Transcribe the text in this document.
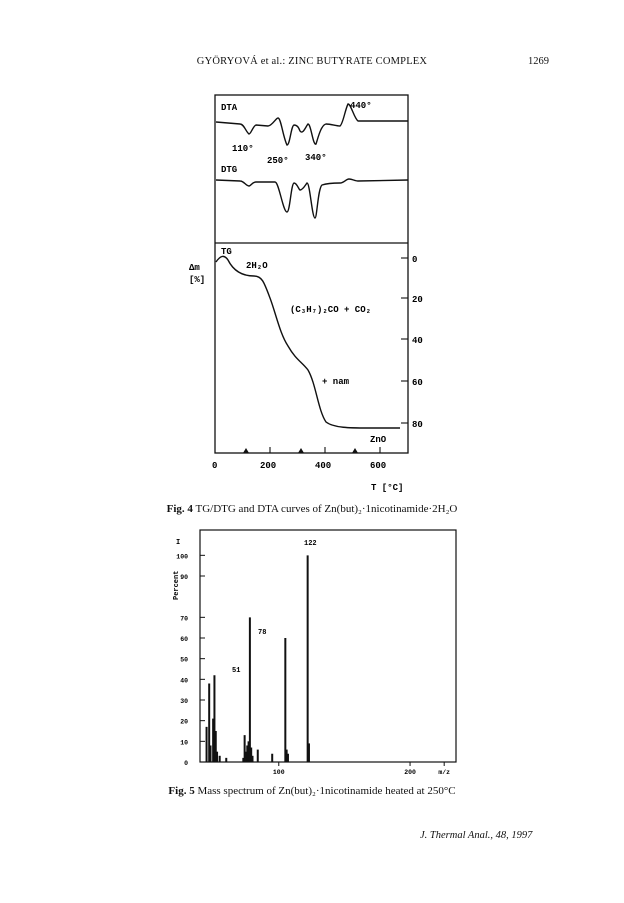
GYÖRYOVÁ et al.: ZINC BUTYRATE COMPLEX	1269
DTA
DTG
TG
110°
250° 340°
440°
2H₂O
(C₃H₇)₂CO + CO₂
+ nam
ZnO
Δm
[%]
0
20
40
60
80
0	200	400	600
T [°C]
Fig. 4 TG/DTG and DTA curves of Zn(but)₂·1nicotinamide·2H₂O
0
10
20
30
40
50
60
70
90
100
100	200	m/z
I
Percent
51
78
122
Fig. 5 Mass spectrum of Zn(but)₂·1nicotinamide heated at 250°C
J. Thermal Anal., 48, 1997
